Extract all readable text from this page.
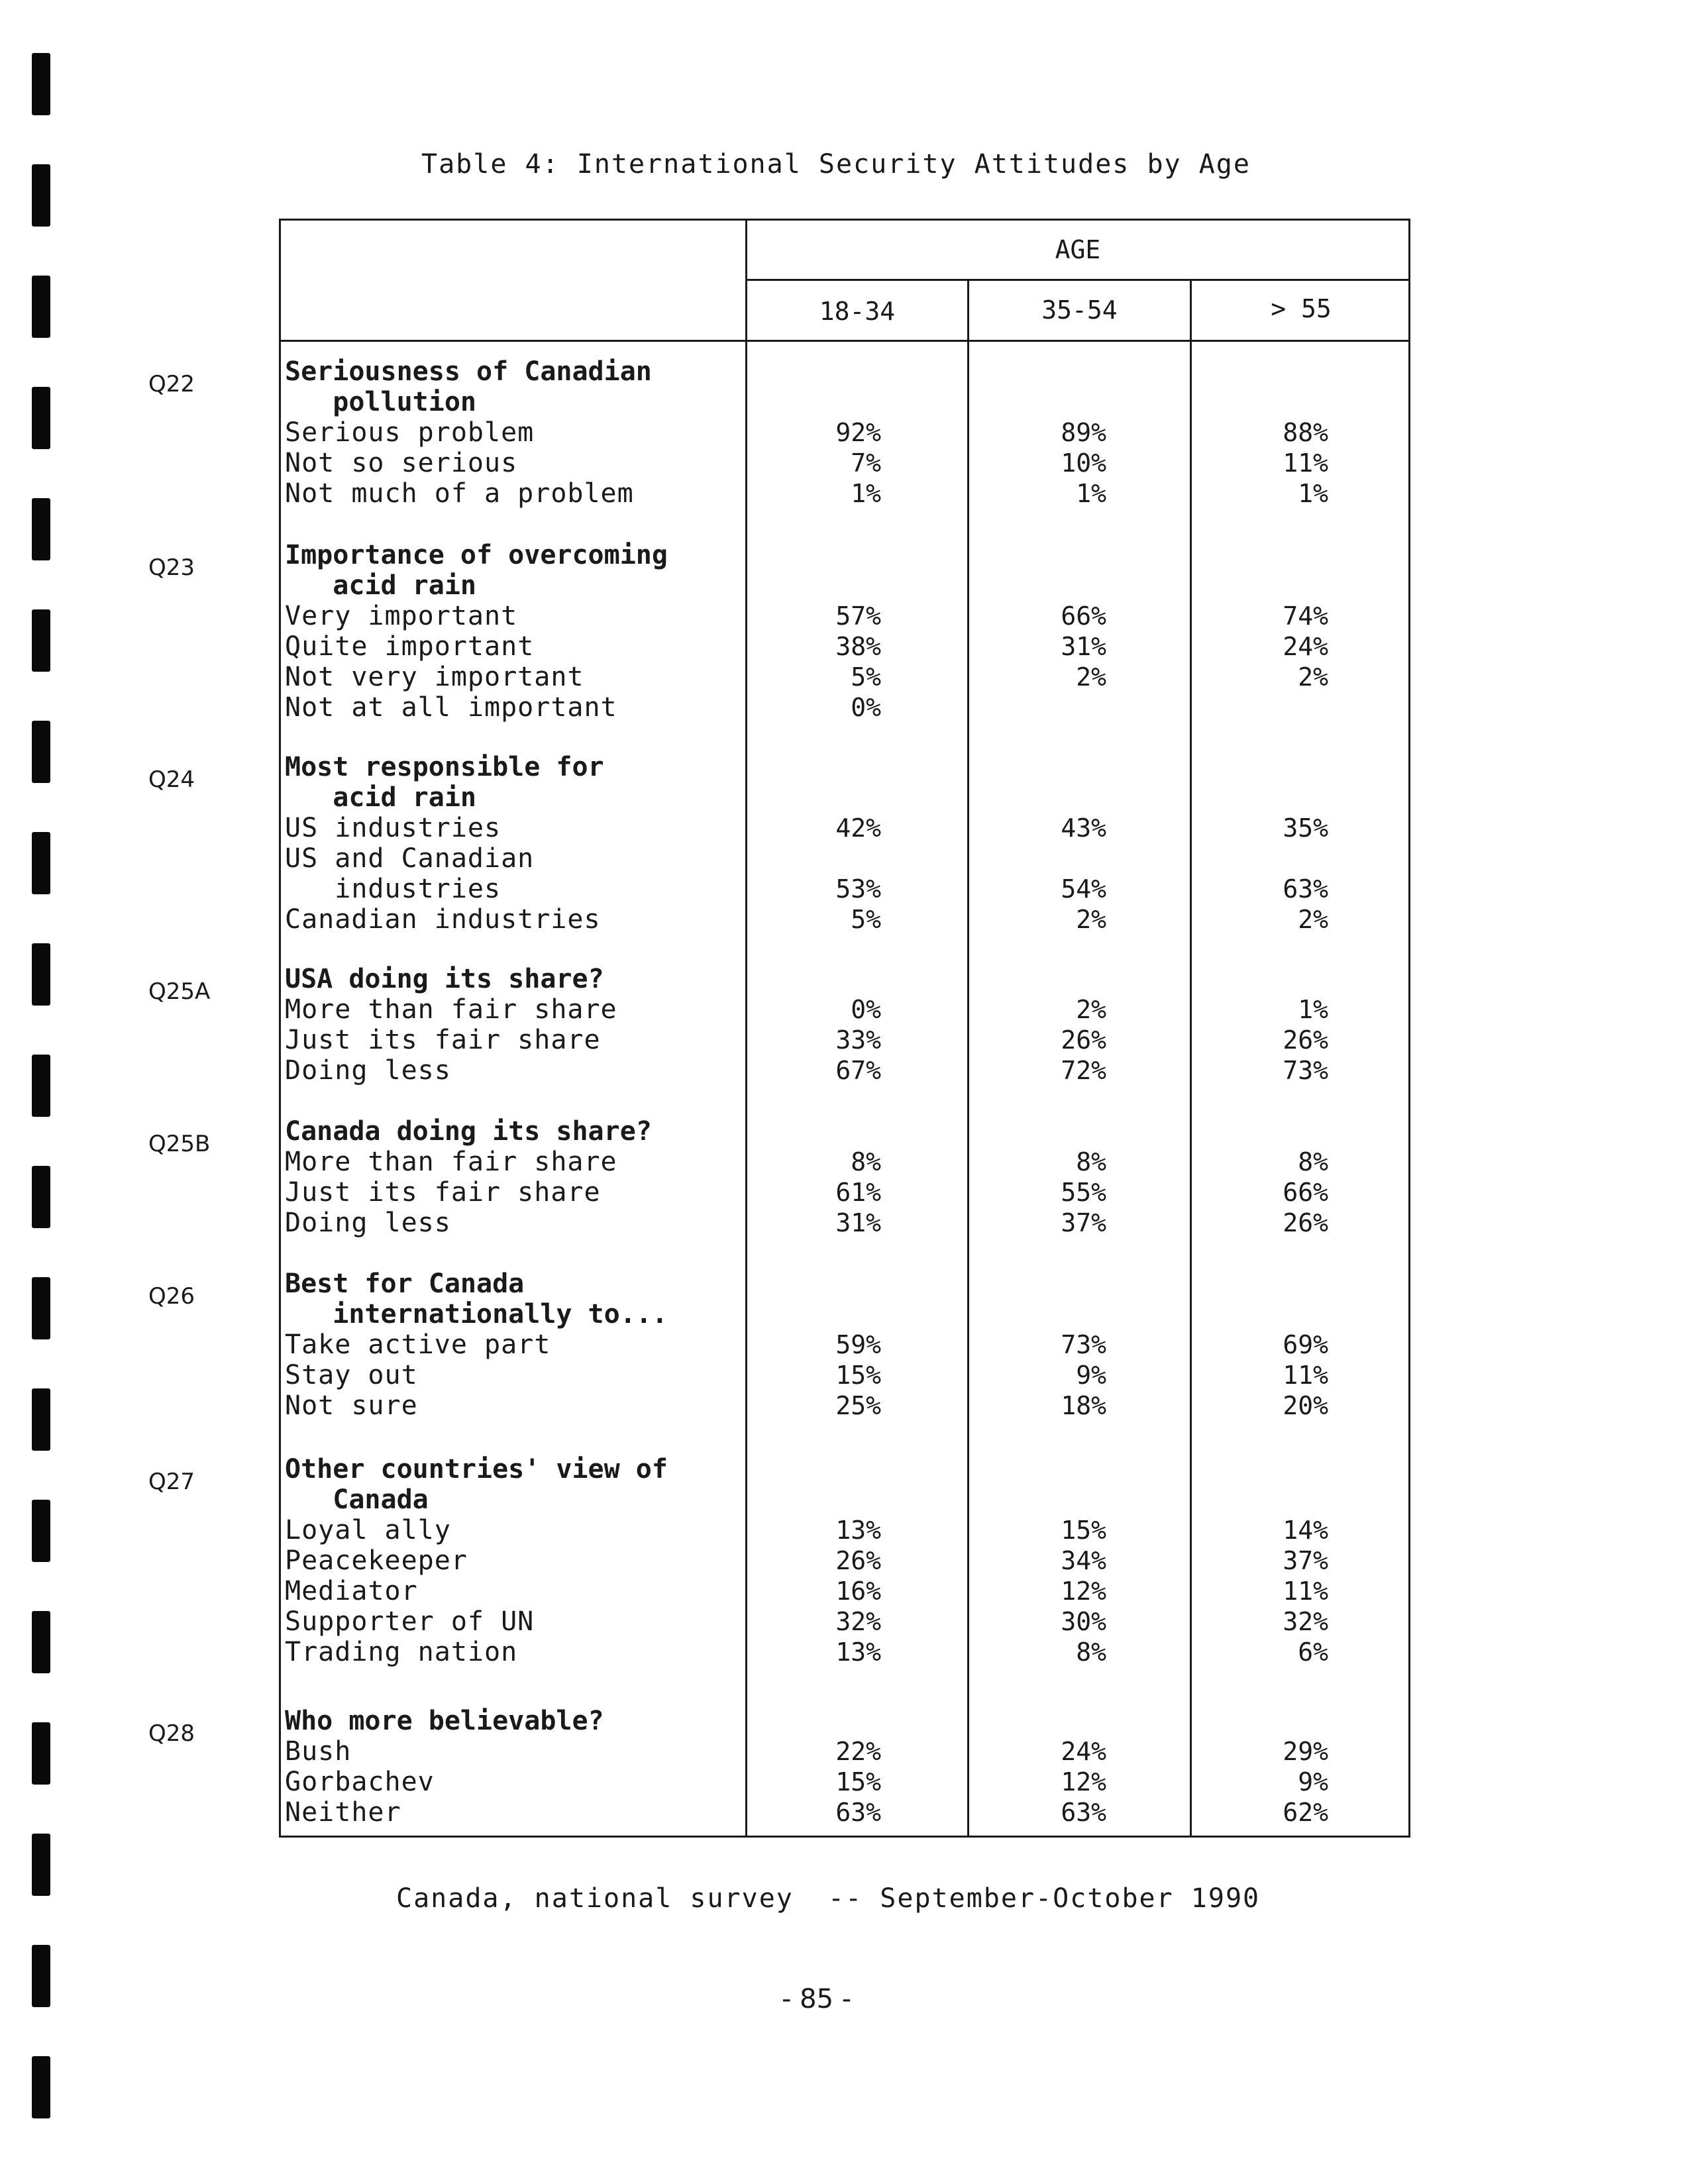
Table 4: International Security Attitudes by Age
AGE
18-34	35-54	> 55
Q22	Seriousness of Canadian
pollution
Serious problem	92%	89%	88%
Not so serious	7%	10%	11%
Not much of a problem	1%	1%	1%
Q23	Importance of overcoming
acid rain
Very important	57%	66%	74%
Quite important	38%	31%	24%
Not very important	5%	2%	2%
Not at all important	0%
Q24	Most responsible for
acid rain
US industries	42%	43%	35%
US and Canadian
industries	53%	54%	63%
Canadian industries	5%	2%	2%
Q25A	USA doing its share?
More than fair share	0%	2%	1%
Just its fair share	33%	26%	26%
Doing less	67%	72%	73%
Q25B	Canada doing its share?
More than fair share	8%	8%	8%
Just its fair share	61%	55%	66%
Doing less	31%	37%	26%
Q26	Best for Canada
internationally to...
Take active part	59%	73%	69%
Stay out	15%	9%	11%
Not sure	25%	18%	20%
Q27	Other countries' view of
Canada
Loyal ally	13%	15%	14%
Peacekeeper	26%	34%	37%
Mediator	16%	12%	11%
Supporter of UN	32%	30%	32%
Trading nation	13%	8%	6%
Q28	Who more believable?
Bush	22%	24%	29%
Gorbachev	15%	12%	9%
Neither	63%	63%	62%
Canada, national survey  -- September-October 1990
- 85 -
